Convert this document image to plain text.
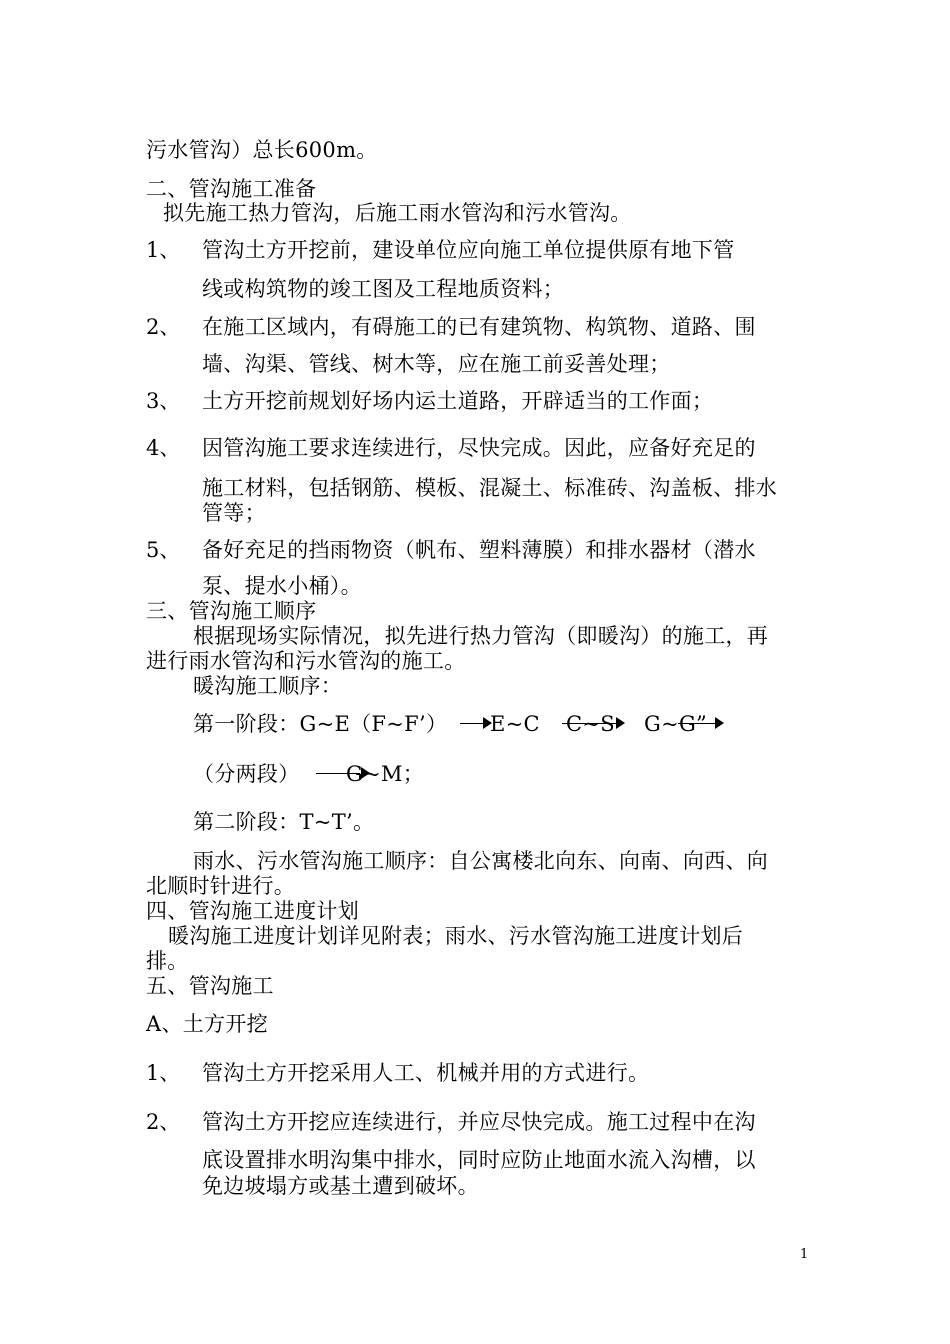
污水管沟）总长600m。
二、管沟施工准备
拟先施工热力管沟，后施工雨水管沟和污水管沟。
1、 管沟土方开挖前，建设单位应向施工单位提供原有地下管
线或构筑物的竣工图及工程地质资料；
2、 在施工区域内，有碍施工的已有建筑物、构筑物、道路、围
墙、沟渠、管线、树木等，应在施工前妥善处理；
3、 土方开挖前规划好场内运土道路，开辟适当的工作面；
4、 因管沟施工要求连续进行，尽快完成。因此，应备好充足的
施工材料，包括钢筋、模板、混凝土、标准砖、沟盖板、排水
管等；
5、 备好充足的挡雨物资（帆布、塑料薄膜）和排水器材（潜水
泵、提水小桶）。
三、管沟施工顺序
根据现场实际情况，拟先进行热力管沟（即暖沟）的施工，再
进行雨水管沟和污水管沟的施工。
暖沟施工顺序：
第一阶段：G~E（F~F’） E~C C~S G~G”
（分两段） G~M；
第二阶段：T~T’。
雨水、污水管沟施工顺序：自公寓楼北向东、向南、向西、向
北顺时针进行。
四、管沟施工进度计划
暖沟施工进度计划详见附表；雨水、污水管沟施工进度计划后
排。
五、管沟施工
A、土方开挖
1、 管沟土方开挖采用人工、机械并用的方式进行。
2、 管沟土方开挖应连续进行，并应尽快完成。施工过程中在沟
底设置排水明沟集中排水，同时应防止地面水流入沟槽，以
免边坡塌方或基土遭到破坏。
1
